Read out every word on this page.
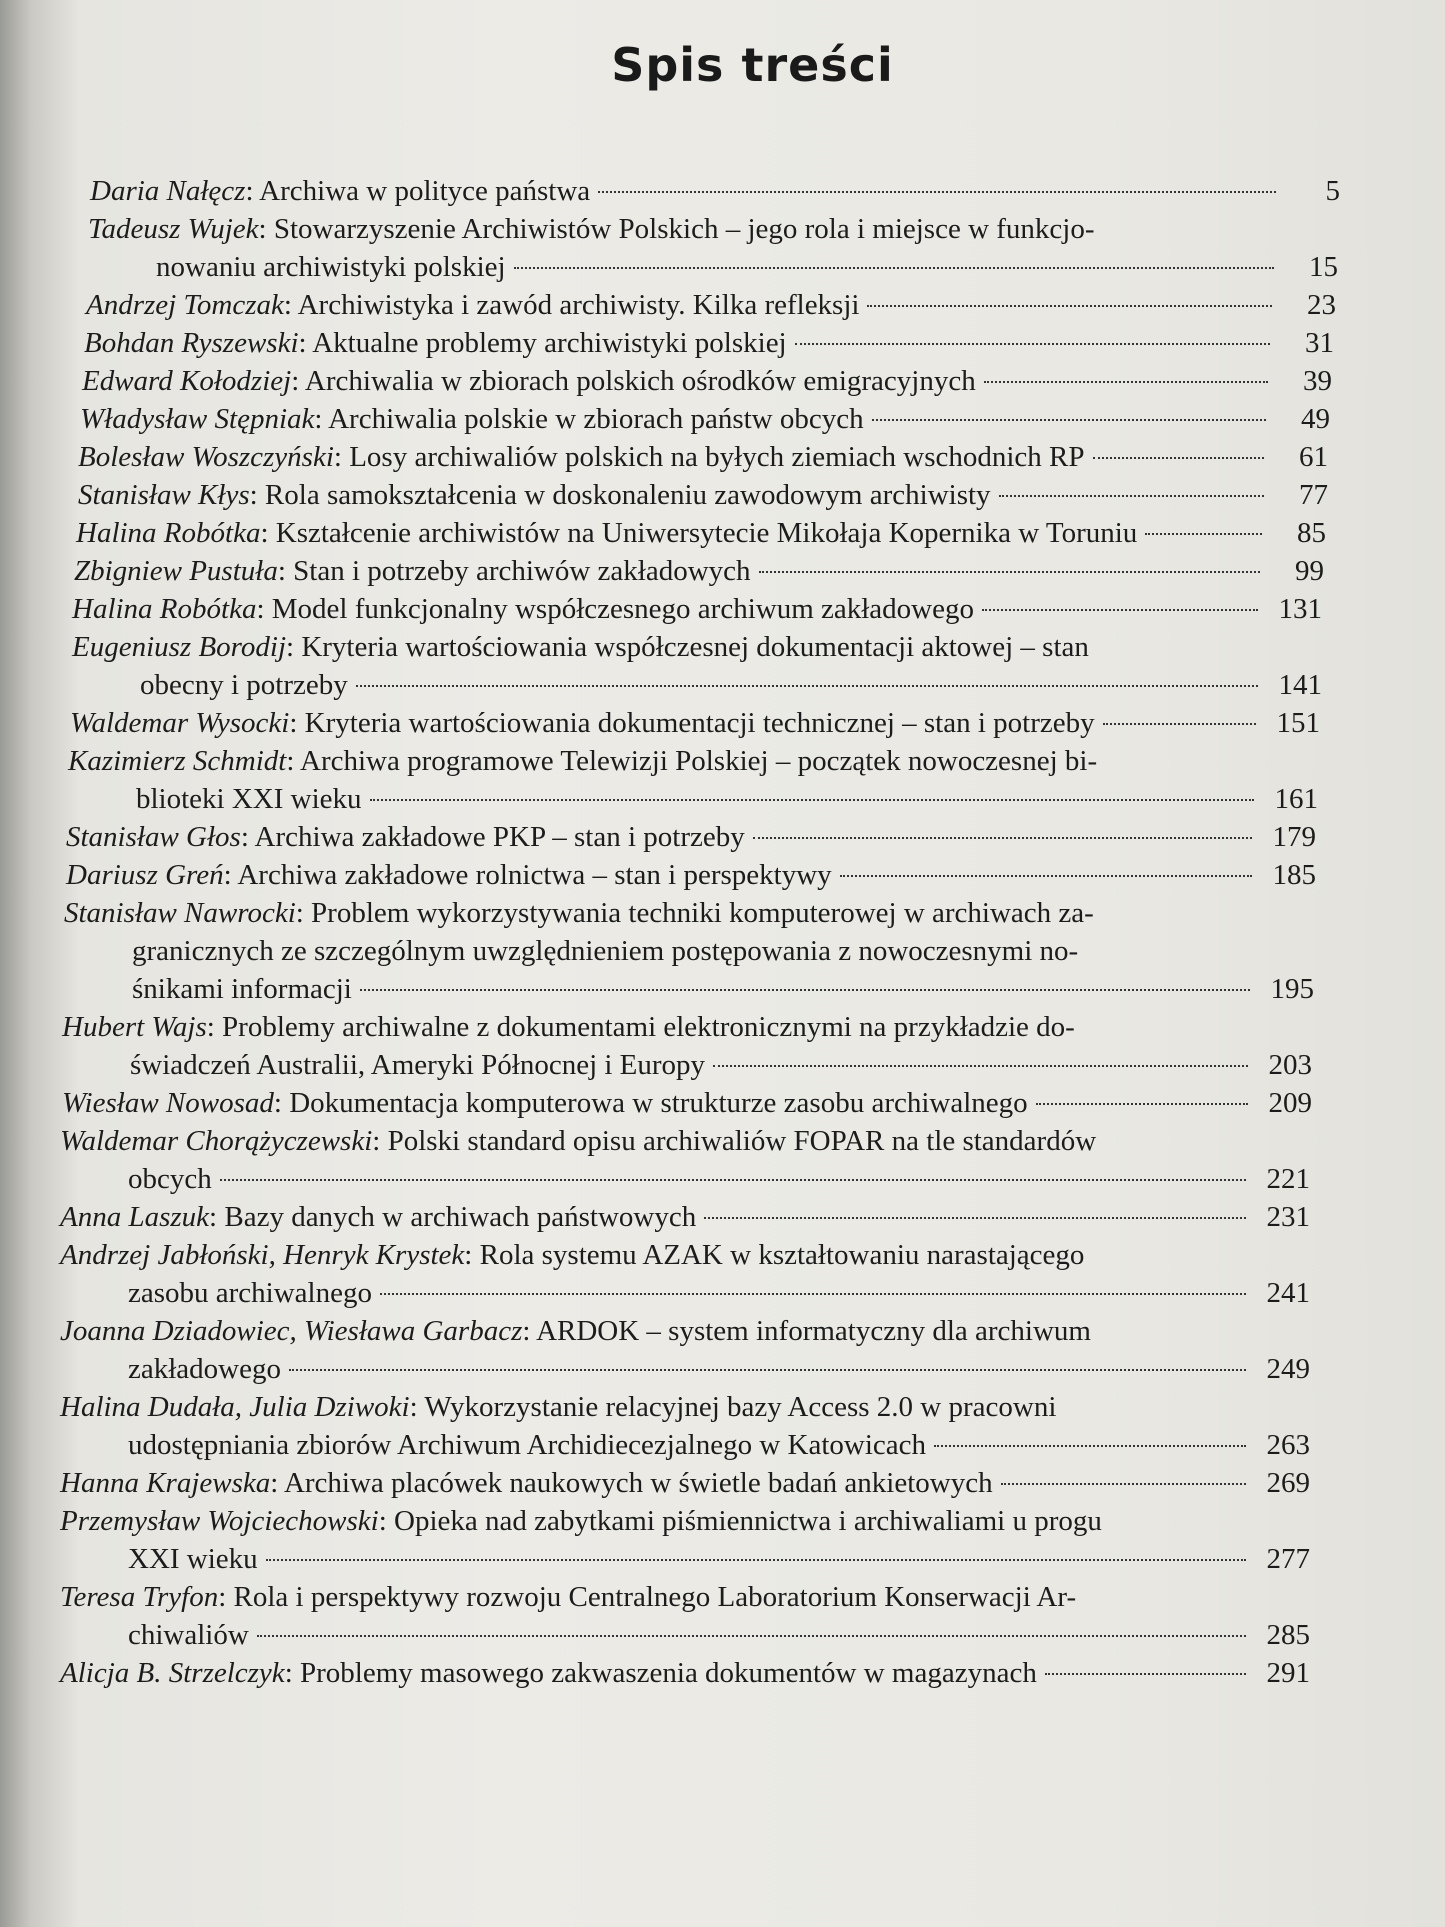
Spis treści
Daria Nałęcz: Archiwa w polityce państwa	5
Tadeusz Wujek: Stowarzyszenie Archiwistów Polskich – jego rola i miejsce w funkcjo-
nowaniu archiwistyki polskiej	15
Andrzej Tomczak: Archiwistyka i zawód archiwisty. Kilka refleksji	23
Bohdan Ryszewski: Aktualne problemy archiwistyki polskiej	31
Edward Kołodziej: Archiwalia w zbiorach polskich ośrodków emigracyjnych	39
Władysław Stępniak: Archiwalia polskie w zbiorach państw obcych	49
Bolesław Woszczyński: Losy archiwaliów polskich na byłych ziemiach wschodnich RP	61
Stanisław Kłys: Rola samokształcenia w doskonaleniu zawodowym archiwisty	77
Halina Robótka: Kształcenie archiwistów na Uniwersytecie Mikołaja Kopernika w Toruniu	85
Zbigniew Pustuła: Stan i potrzeby archiwów zakładowych	99
Halina Robótka: Model funkcjonalny współczesnego archiwum zakładowego	131
Eugeniusz Borodij: Kryteria wartościowania współczesnej dokumentacji aktowej – stan
obecny i potrzeby	141
Waldemar Wysocki: Kryteria wartościowania dokumentacji technicznej – stan i potrzeby	151
Kazimierz Schmidt: Archiwa programowe Telewizji Polskiej – początek nowoczesnej bi-
blioteki XXI wieku	161
Stanisław Głos: Archiwa zakładowe PKP – stan i potrzeby	179
Dariusz Greń: Archiwa zakładowe rolnictwa – stan i perspektywy	185
Stanisław Nawrocki: Problem wykorzystywania techniki komputerowej w archiwach za-
granicznych ze szczególnym uwzględnieniem postępowania z nowoczesnymi no-
śnikami informacji	195
Hubert Wajs: Problemy archiwalne z dokumentami elektronicznymi na przykładzie do-
świadczeń Australii, Ameryki Północnej i Europy	203
Wiesław Nowosad: Dokumentacja komputerowa w strukturze zasobu archiwalnego	209
Waldemar Chorążyczewski: Polski standard opisu archiwaliów FOPAR na tle standardów
obcych	221
Anna Laszuk: Bazy danych w archiwach państwowych	231
Andrzej Jabłoński, Henryk Krystek: Rola systemu AZAK w kształtowaniu narastającego
zasobu archiwalnego	241
Joanna Dziadowiec, Wiesława Garbacz: ARDOK – system informatyczny dla archiwum
zakładowego	249
Halina Dudała, Julia Dziwoki: Wykorzystanie relacyjnej bazy Access 2.0 w pracowni
udostępniania zbiorów Archiwum Archidiecezjalnego w Katowicach	263
Hanna Krajewska: Archiwa placówek naukowych w świetle badań ankietowych	269
Przemysław Wojciechowski: Opieka nad zabytkami piśmiennictwa i archiwaliami u progu
XXI wieku	277
Teresa Tryfon: Rola i perspektywy rozwoju Centralnego Laboratorium Konserwacji Ar-
chiwaliów	285
Alicja B. Strzelczyk: Problemy masowego zakwaszenia dokumentów w magazynach	291
